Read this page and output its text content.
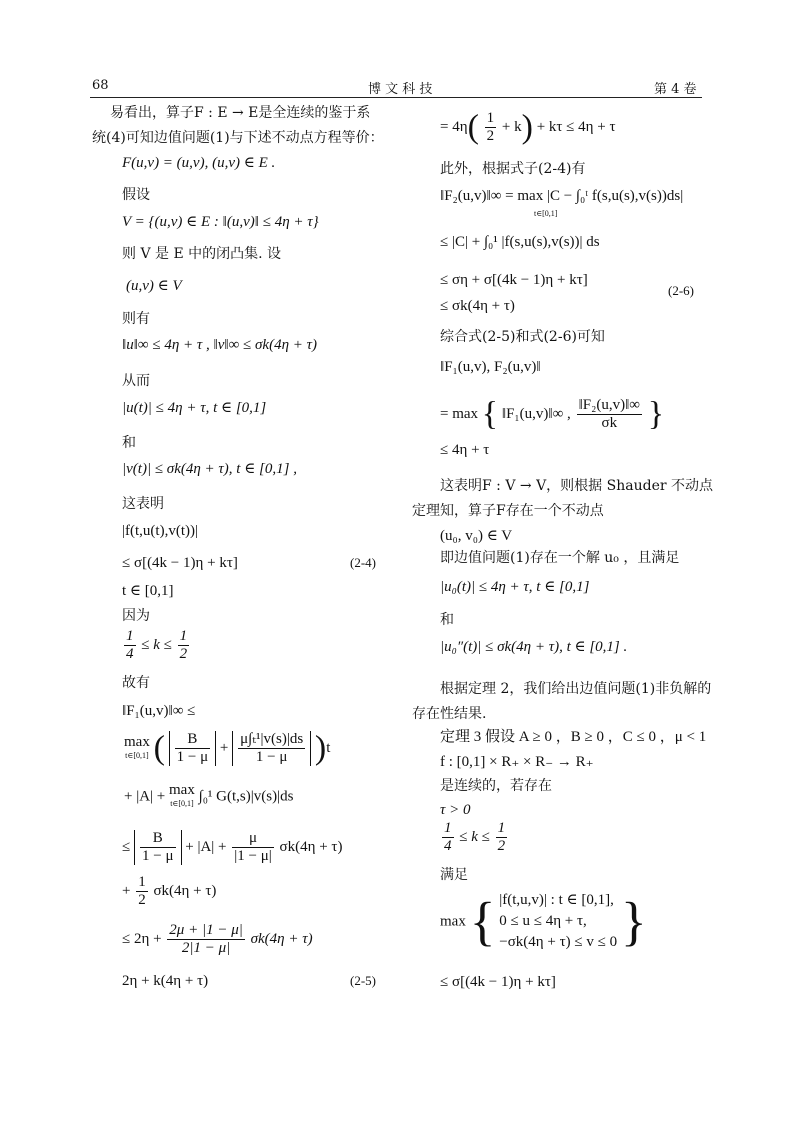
68	博 文 科 技	第 4 卷
易看出，算子F : E → E是全连续的鉴于系
统(4)可知边值问题(1)与下述不动点方程等价：
F(u,v) = (u,v), (u,v) ∈ E .
假设
V = {(u,v) ∈ E : ‖(u,v)‖ ≤ 4η + τ}
则 V 是 E 中的闭凸集. 设
(u,v) ∈ V
则有
‖u‖∞ ≤ 4η + τ , ‖v‖∞ ≤ σk(4η + τ)
从而
|u(t)| ≤ 4η + τ, t ∈ [0,1]
和
|v(t)| ≤ σk(4η + τ), t ∈ [0,1] ,
这表明
|f(t,u(t),v(t))|
≤ σ[(4k − 1)η + kτ]	(2-4)
t ∈ [0,1]
因为
$\frac{1}{4} \le k \le \frac{1}{2}$
故有
‖F₁(u,v)‖∞ ≤
max
t∈[0,1] ( $\frac{B}{1 - \mu} + \frac{\text{μ∫ₜ¹|v(s)|ds}}{1 - \mu} )t$
+ |A| + max
t∈[0,1] ∫₀¹ G(t,s)|v(s)|ds
≤ $\frac{B}{1 - \mu} + |A| + \frac{\mu}{|1 - \mu|} \sigma k(4\eta + \tau)$
+ $\frac{1}{2} \sigma k(4\eta + \tau)$
≤ $2\eta + \frac{2\mu + |1 - \mu|}{2|1 - \mu|} \sigma k(4\eta + \tau)$
2η + k(4η + τ)	(2-5)
= $4\eta( \frac{1}{2} + k) + k\tau \le 4\eta + \tau$
此外，根据式子(2-4)有
‖F₂(u,v)‖∞ = max |C − ∫₀ᵗ f(s,u(s),v(s))ds|
t∈[0,1]
≤ |C| + ∫₀¹ |f(s,u(s),v(s))| ds
≤ ση + σ[(4k − 1)η + kτ]
≤ σk(4η + τ)
(2-6)
综合式(2-5)和式(2-6)可知
‖F₁(u,v), F₂(u,v)‖
= max { ‖F₁(u,v)‖∞ , $\frac{\text{‖F₂(u,v)‖∞}}{\sigma k}$ }
≤ 4η + τ
这表明F : V → V，则根据 Shauder 不动点
定理知，算子F存在一个不动点
(u₀, v₀) ∈ V
即边值问题(1)存在一个解 u₀ ，且满足
|u₀(t)| ≤ 4η + τ, t ∈ [0,1]
和
|u₀″(t)| ≤ σk(4η + τ), t ∈ [0,1] .
根据定理 2，我们给出边值问题(1)非负解的
存在性结果.
定理 3 假设 A ≥ 0 ，B ≥ 0 ，C ≤ 0 ，μ < 1
f : [0,1] × R₊ × R₋ → R₊
是连续的，若存在
τ > 0
$\frac{1}{4} \le k \le \frac{1}{2}$
满足
max { |f(t,u,v)| : t ∈ [0,1],
0 ≤ u ≤ 4η + τ,
−σk(4η + τ) ≤ v ≤ 0 }
≤ σ[(4k − 1)η + kτ]
